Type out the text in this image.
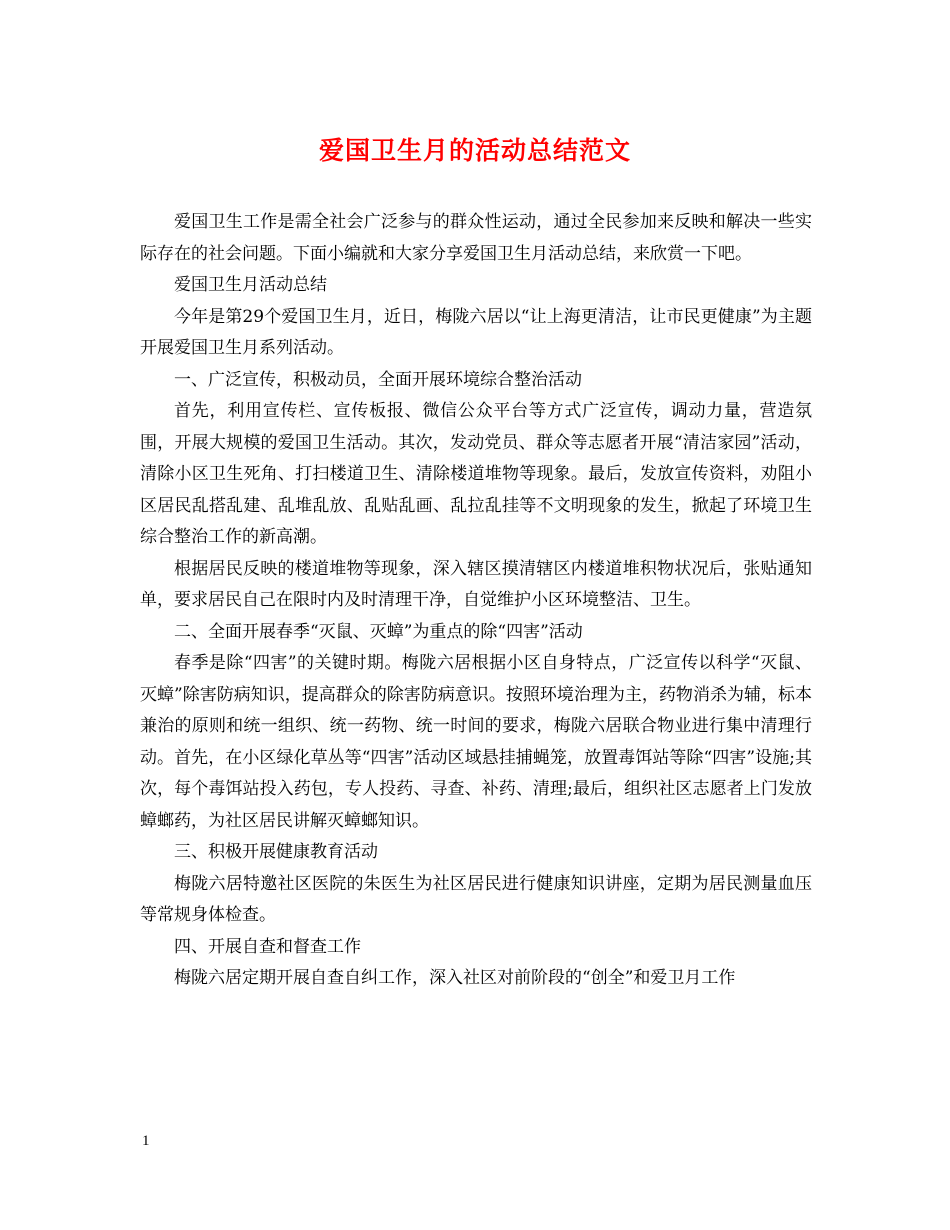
爱国卫生月的活动总结范文

爱国卫生工作是需全社会广泛参与的群众性运动，通过全民参加来反映和解决一些实际存在的社会问题。下面小编就和大家分享爱国卫生月活动总结，来欣赏一下吧。

爱国卫生月活动总结

今年是第29个爱国卫生月，近日，梅陇六居以“让上海更清洁，让市民更健康”为主题开展爱国卫生月系列活动。

一、广泛宣传，积极动员，全面开展环境综合整治活动

首先，利用宣传栏、宣传板报、微信公众平台等方式广泛宣传，调动力量，营造氛围，开展大规模的爱国卫生活动。其次，发动党员、群众等志愿者开展“清洁家园”活动，清除小区卫生死角、打扫楼道卫生、清除楼道堆物等现象。最后，发放宣传资料，劝阻小区居民乱搭乱建、乱堆乱放、乱贴乱画、乱拉乱挂等不文明现象的发生，掀起了环境卫生综合整治工作的新高潮。

根据居民反映的楼道堆物等现象，深入辖区摸清辖区内楼道堆积物状况后，张贴通知单，要求居民自己在限时内及时清理干净，自觉维护小区环境整洁、卫生。

二、全面开展春季“灭鼠、灭蟑”为重点的除“四害”活动

春季是除“四害”的关键时期。梅陇六居根据小区自身特点，广泛宣传以科学“灭鼠、灭蟑”除害防病知识，提高群众的除害防病意识。按照环境治理为主，药物消杀为辅，标本兼治的原则和统一组织、统一药物、统一时间的要求，梅陇六居联合物业进行集中清理行动。首先，在小区绿化草丛等“四害”活动区域悬挂捕蝇笼，放置毒饵站等除“四害”设施;其次，每个毒饵站投入药包，专人投药、寻查、补药、清理;最后，组织社区志愿者上门发放蟑螂药，为社区居民讲解灭蟑螂知识。

三、积极开展健康教育活动

梅陇六居特邀社区医院的朱医生为社区居民进行健康知识讲座，定期为居民测量血压等常规身体检查。

四、开展自查和督查工作

梅陇六居定期开展自查自纠工作，深入社区对前阶段的“创全”和爱卫月工作

1
